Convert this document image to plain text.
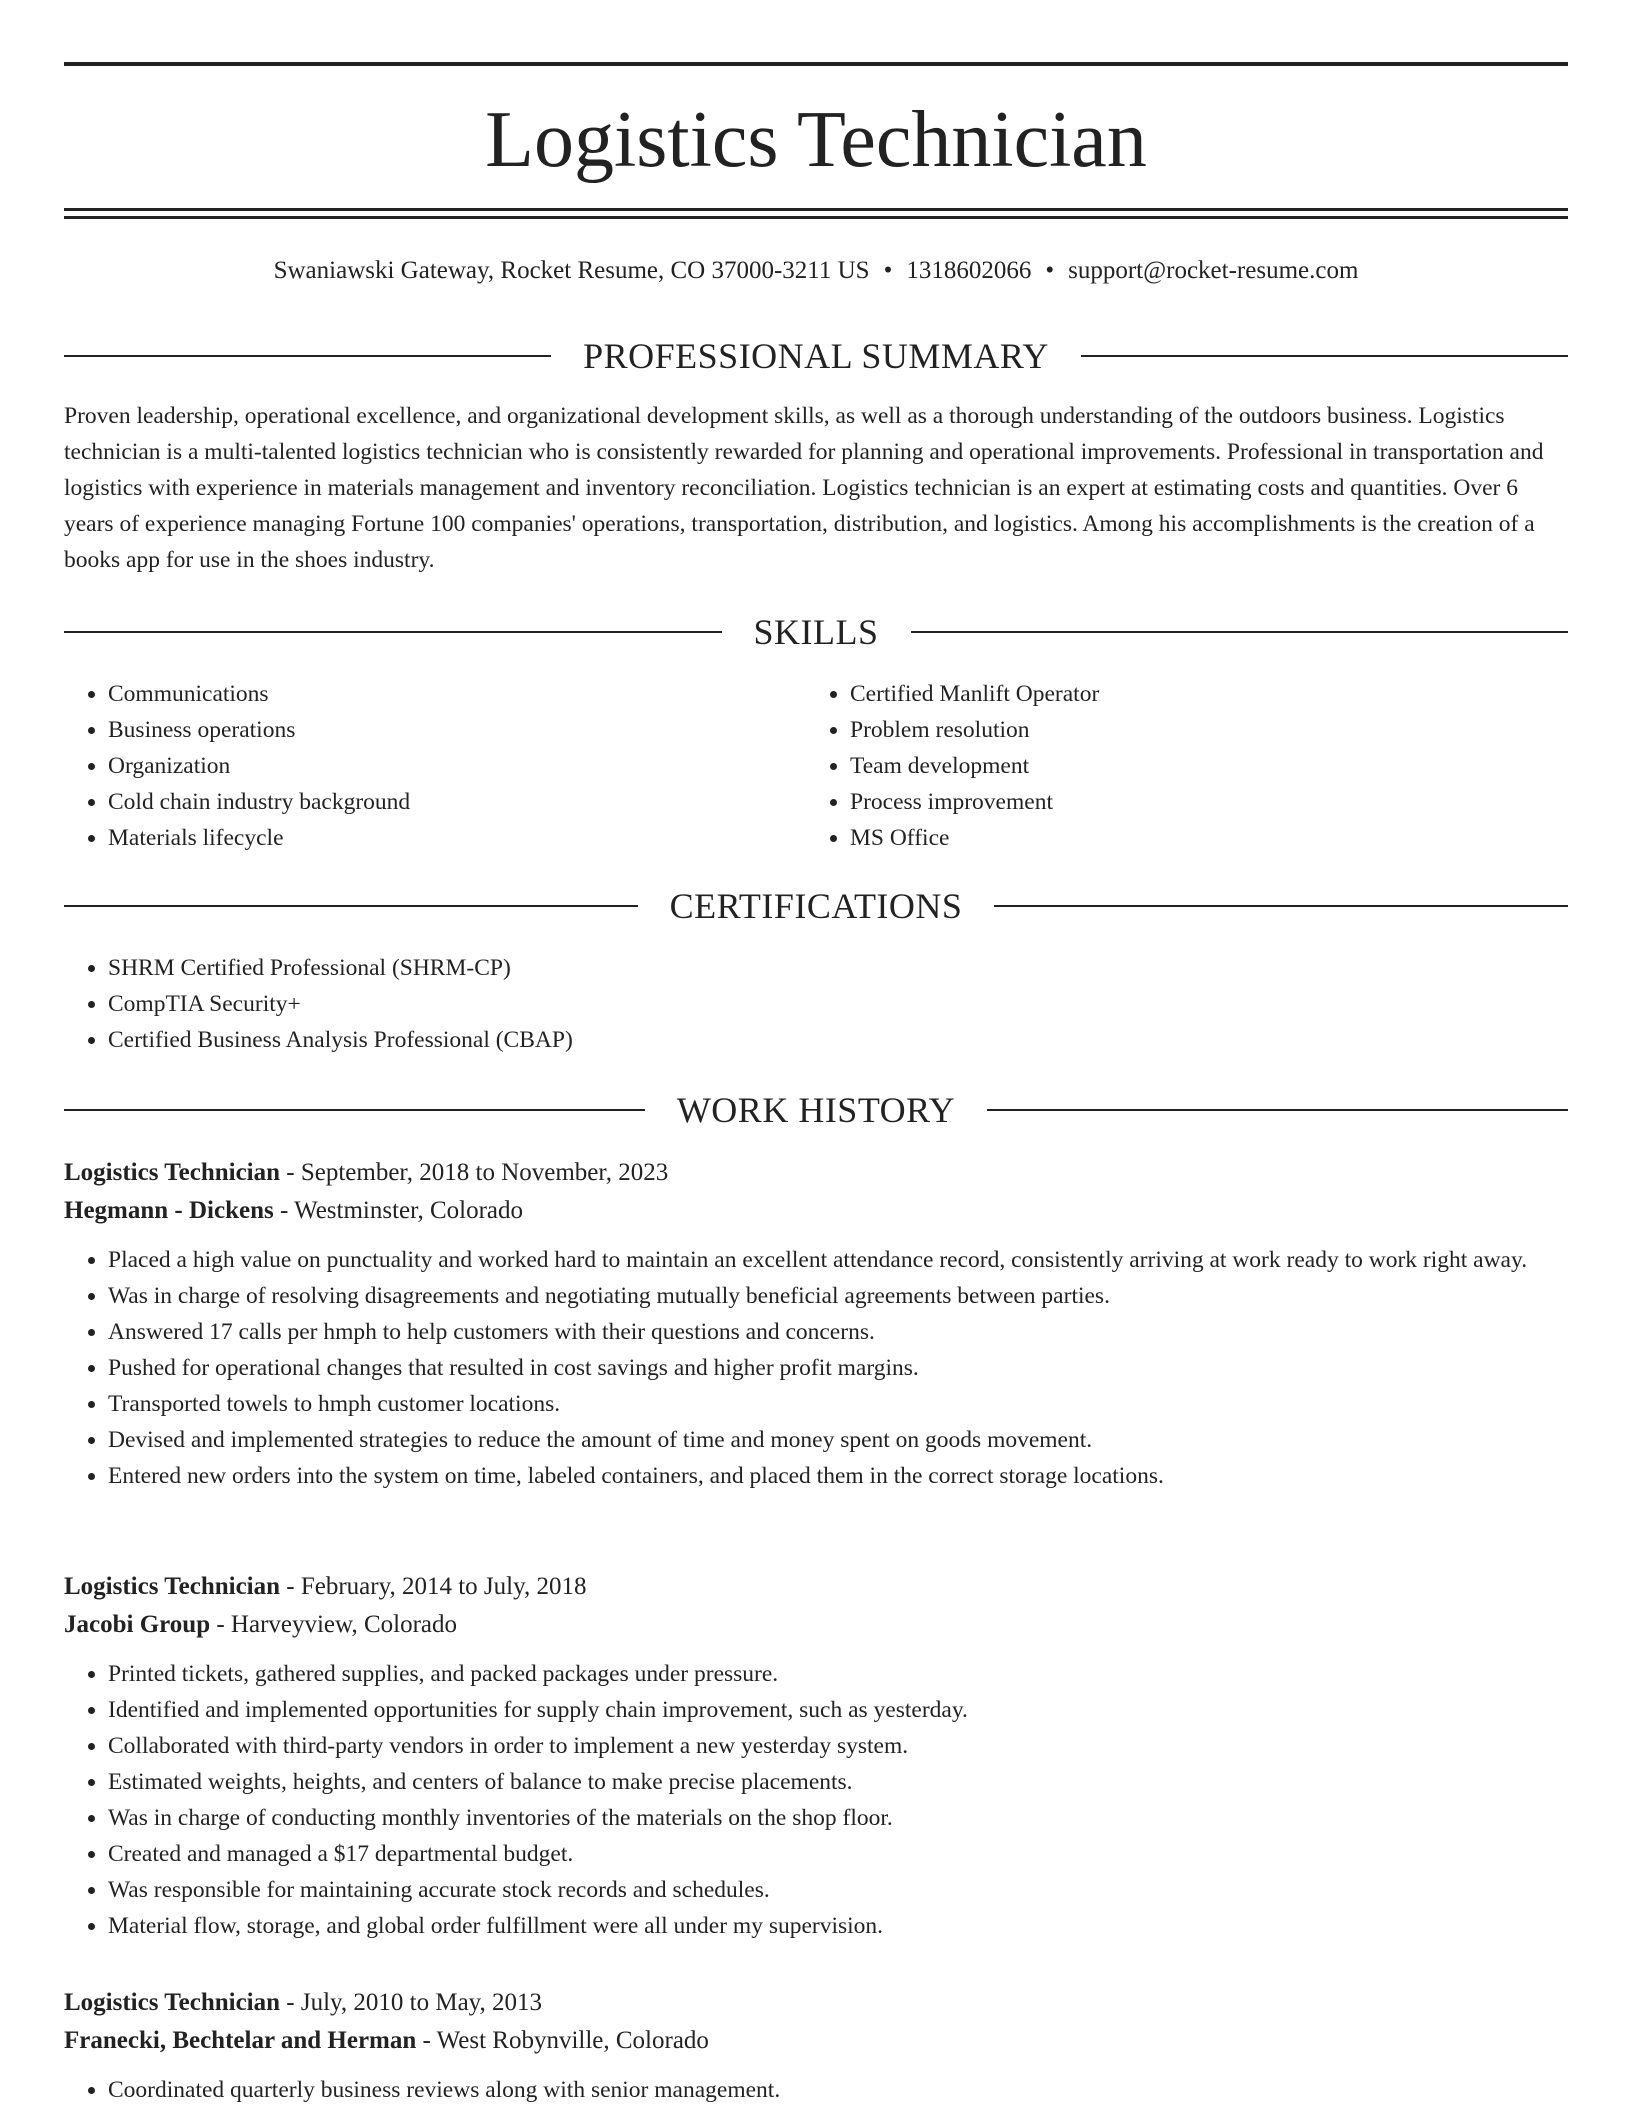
Logistics Technician
Swaniawski Gateway, Rocket Resume, CO 37000-3211 US • 1318602066 • support@rocket-resume.com
PROFESSIONAL SUMMARY

Proven leadership, operational excellence, and organizational development skills, as well as a thorough understanding of the outdoors business. Logistics technician is a multi-talented logistics technician who is consistently rewarded for planning and operational improvements. Professional in transportation and logistics with experience in materials management and inventory reconciliation. Logistics technician is an expert at estimating costs and quantities. Over 6 years of experience managing Fortune 100 companies' operations, transportation, distribution, and logistics. Among his accomplishments is the creation of a books app for use in the shoes industry.

SKILLS
• Communications
• Business operations
• Organization
• Cold chain industry background
• Materials lifecycle
• Certified Manlift Operator
• Problem resolution
• Team development
• Process improvement
• MS Office
CERTIFICATIONS
• SHRM Certified Professional (SHRM-CP)
• CompTIA Security+
• Certified Business Analysis Professional (CBAP)
WORK HISTORY
Logistics Technician - September, 2018 to November, 2023
Hegmann - Dickens - Westminster, Colorado
• Placed a high value on punctuality and worked hard to maintain an excellent attendance record, consistently arriving at work ready to work right away.
• Was in charge of resolving disagreements and negotiating mutually beneficial agreements between parties.
• Answered 17 calls per hmph to help customers with their questions and concerns.
• Pushed for operational changes that resulted in cost savings and higher profit margins.
• Transported towels to hmph customer locations.
• Devised and implemented strategies to reduce the amount of time and money spent on goods movement.
• Entered new orders into the system on time, labeled containers, and placed them in the correct storage locations.
Logistics Technician - February, 2014 to July, 2018
Jacobi Group - Harveyview, Colorado
• Printed tickets, gathered supplies, and packed packages under pressure.
• Identified and implemented opportunities for supply chain improvement, such as yesterday.
• Collaborated with third-party vendors in order to implement a new yesterday system.
• Estimated weights, heights, and centers of balance to make precise placements.
• Was in charge of conducting monthly inventories of the materials on the shop floor.
• Created and managed a $17 departmental budget.
• Was responsible for maintaining accurate stock records and schedules.
• Material flow, storage, and global order fulfillment were all under my supervision.
Logistics Technician - July, 2010 to May, 2013
Franecki, Bechtelar and Herman - West Robynville, Colorado
• Coordinated quarterly business reviews along with senior management.
